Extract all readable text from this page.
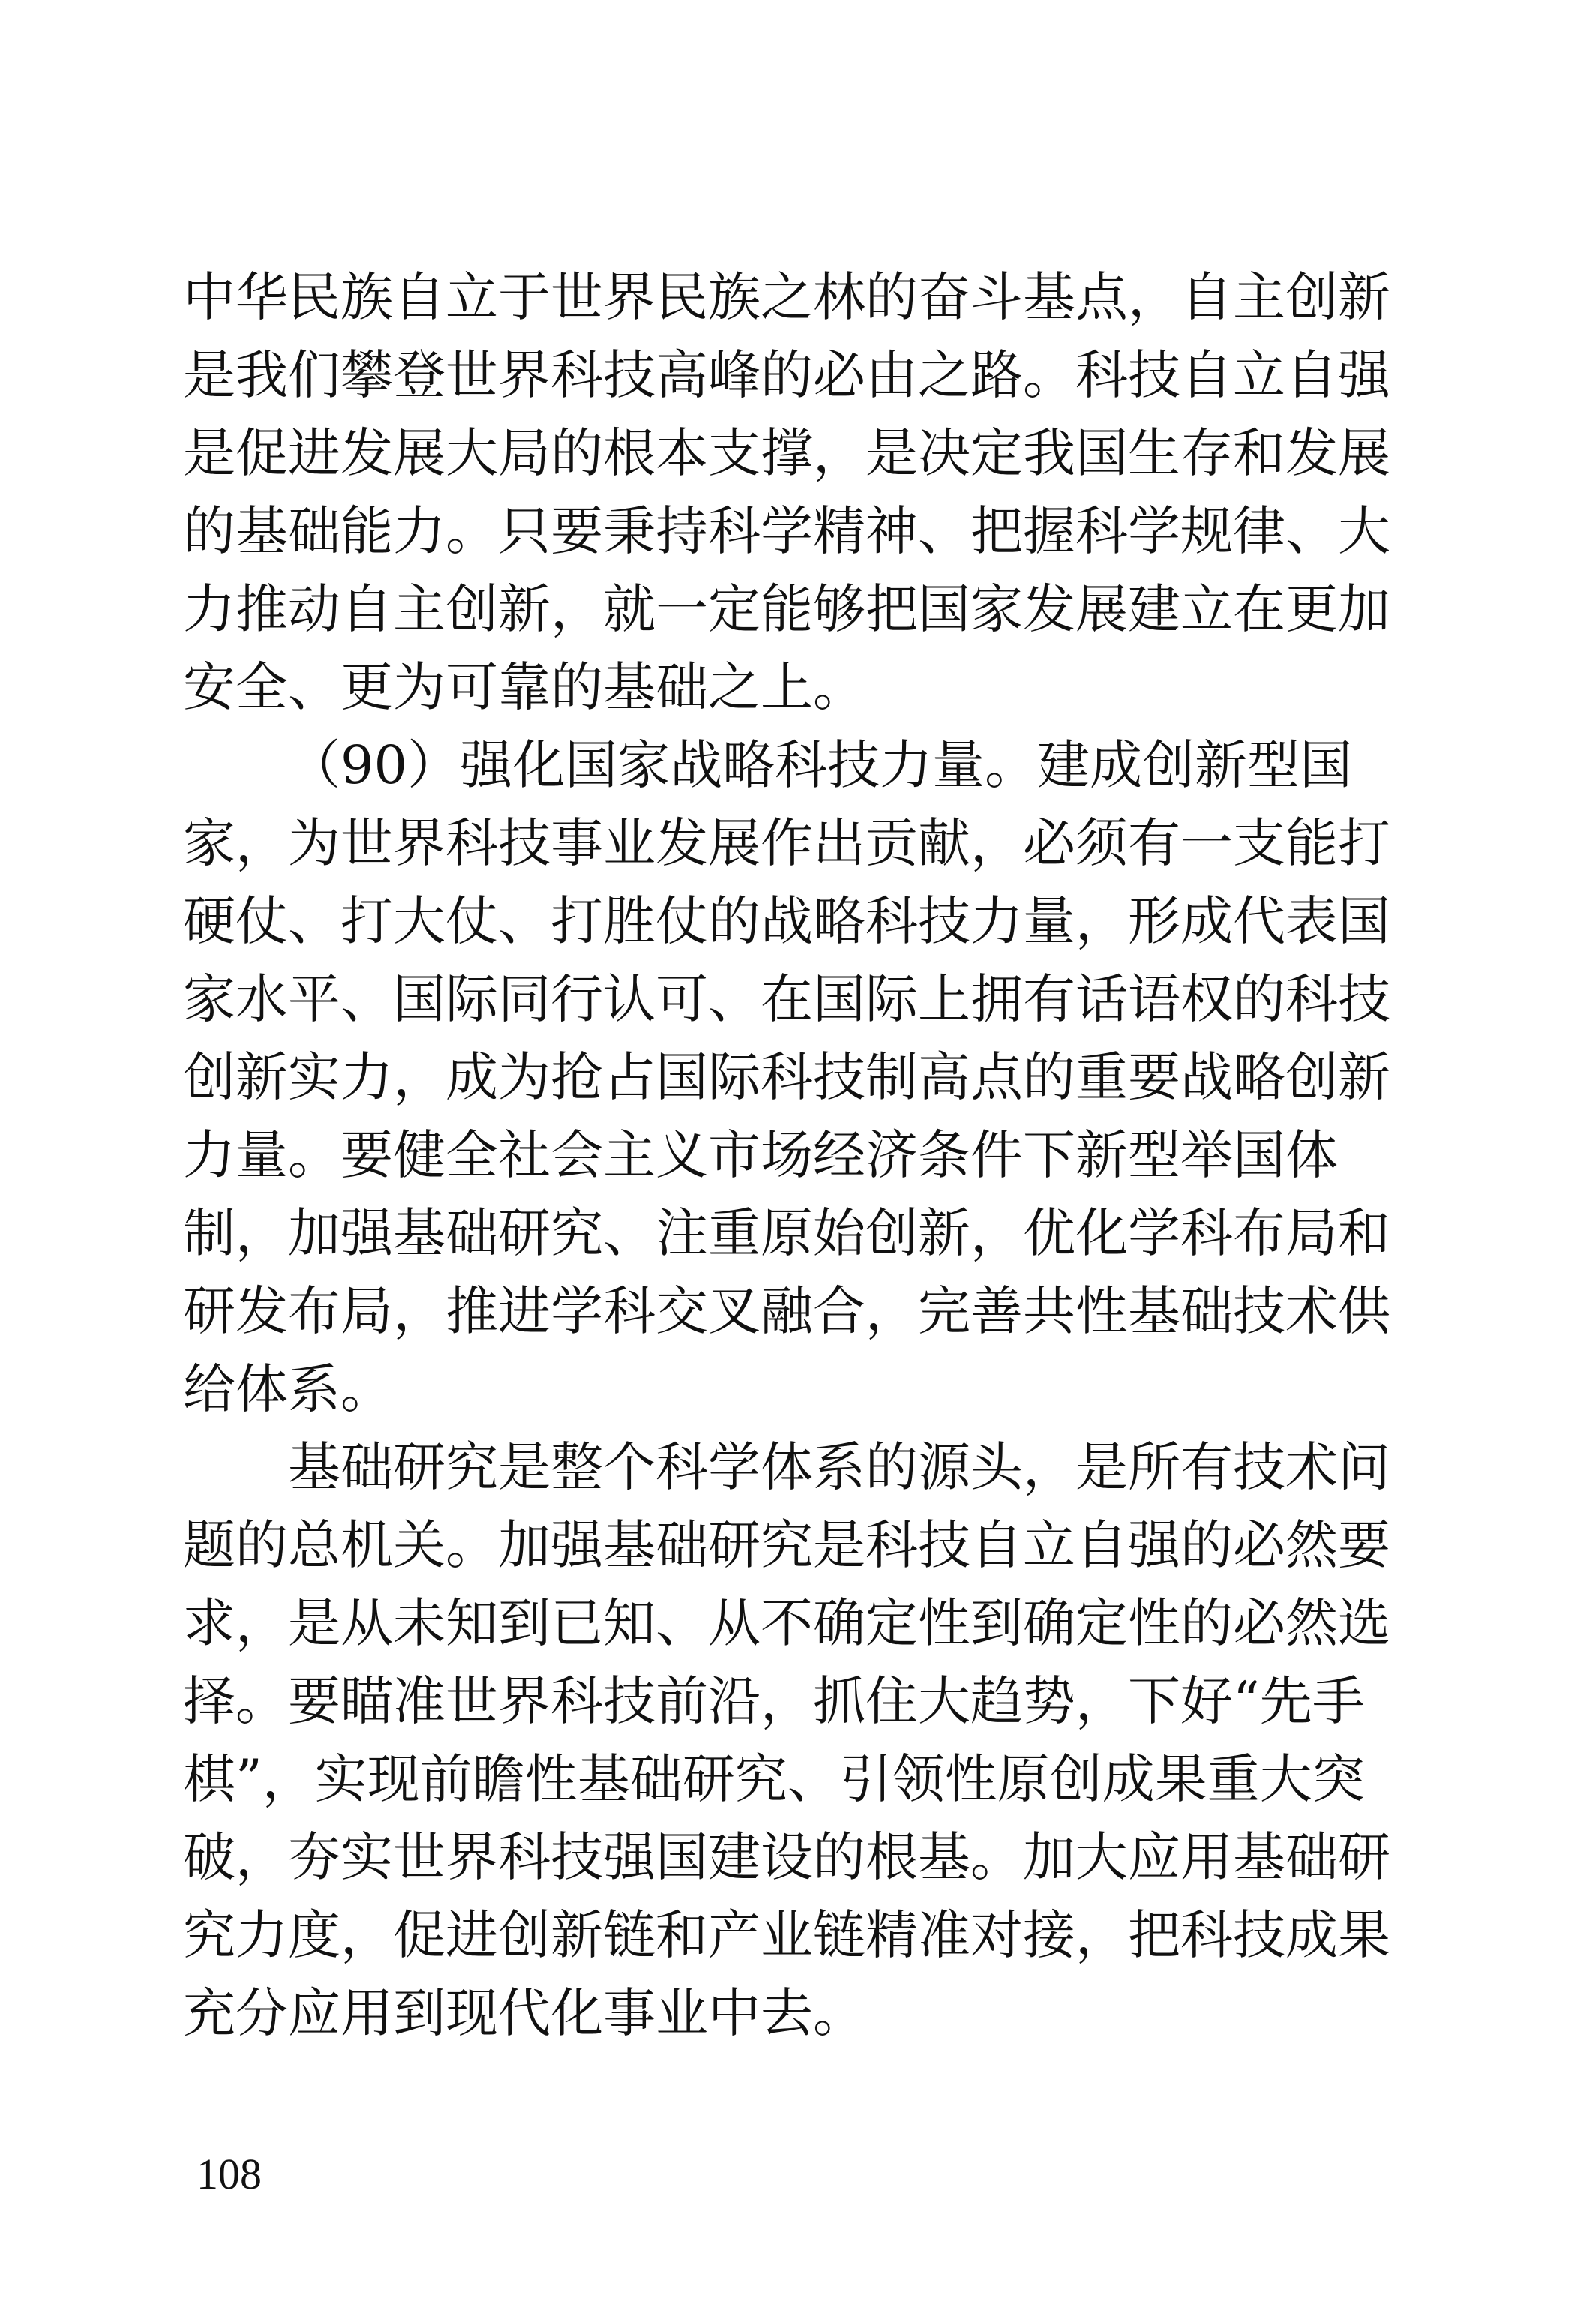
中华民族自立于世界民族之林的奋斗基点，自主创新
是我们攀登世界科技高峰的必由之路。科技自立自强
是促进发展大局的根本支撑，是决定我国生存和发展
的基础能力。只要秉持科学精神、把握科学规律、大
力推动自主创新，就一定能够把国家发展建立在更加
安全、更为可靠的基础之上。
（90）强化国家战略科技力量。建成创新型国
家，为世界科技事业发展作出贡献，必须有一支能打
硬仗、打大仗、打胜仗的战略科技力量，形成代表国
家水平、国际同行认可、在国际上拥有话语权的科技
创新实力，成为抢占国际科技制高点的重要战略创新
力量。要健全社会主义市场经济条件下新型举国体
制，加强基础研究、注重原始创新，优化学科布局和
研发布局，推进学科交叉融合，完善共性基础技术供
给体系。
基础研究是整个科学体系的源头，是所有技术问
题的总机关。加强基础研究是科技自立自强的必然要
求，是从未知到已知、从不确定性到确定性的必然选
择。要瞄准世界科技前沿，抓住大趋势，下好“先手
棋”，实现前瞻性基础研究、引领性原创成果重大突
破，夯实世界科技强国建设的根基。加大应用基础研
究力度，促进创新链和产业链精准对接，把科技成果
充分应用到现代化事业中去。
108
